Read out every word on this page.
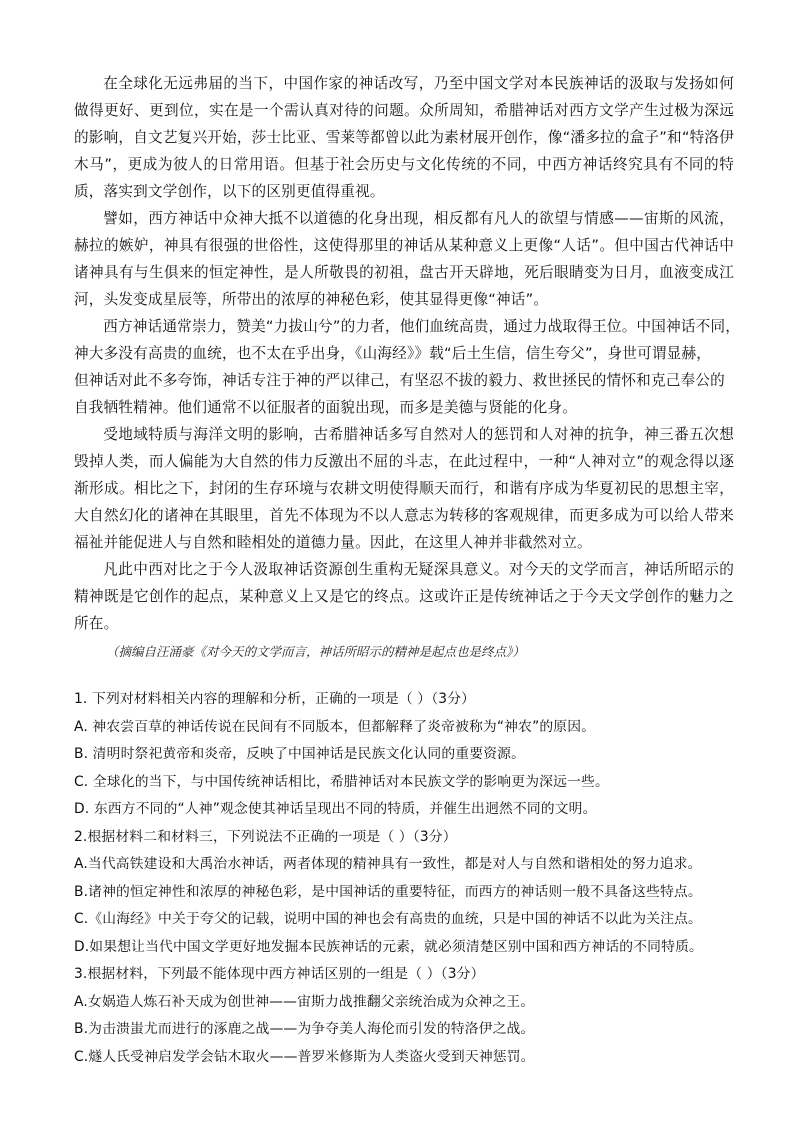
在全球化无远弗届的当下，中国作家的神话改写，乃至中国文学对本民族神话的汲取与发扬如何做得更好、更到位，实在是一个需认真对待的问题。众所周知，希腊神话对西方文学产生过极为深远的影响，自文艺复兴开始，莎士比亚、雪莱等都曾以此为素材展开创作，像“潘多拉的盒子”和“特洛伊木马”，更成为彼人的日常用语。但基于社会历史与文化传统的不同，中西方神话终究具有不同的特质，落实到文学创作，以下的区别更值得重视。

譬如，西方神话中众神大抵不以道德的化身出现，相反都有凡人的欲望与情感——宙斯的风流，赫拉的嫉妒，神具有很强的世俗性，这使得那里的神话从某种意义上更像“人话”。但中国古代神话中诸神具有与生俱来的恒定神性，是人所敬畏的初祖，盘古开天辟地，死后眼睛变为日月，血液变成江河，头发变成星辰等，所带出的浓厚的神秘色彩，使其显得更像“神话”。

西方神话通常崇力，赞美“力拔山兮”的力者，他们血统高贵，通过力战取得王位。中国神话不同，

神大多没有高贵的血统，也不太在乎出身，《山海经》》载“后土生信，信生夸父”，身世可谓显赫，

但神话对此不多夸饰，神话专注于神的严以律己，有坚忍不拔的毅力、救世拯民的情怀和克己奉公的

自我牺牲精神。他们通常不以征服者的面貌出现，而多是美德与贤能的化身。

受地域特质与海洋文明的影响，古希腊神话多写自然对人的惩罚和人对神的抗争，神三番五次想毁掉人类，而人偏能为大自然的伟力反激出不屈的斗志，在此过程中，一种“人神对立”的观念得以逐渐形成。相比之下，封闭的生存环境与农耕文明使得顺天而行，和谐有序成为华夏初民的思想主宰，大自然幻化的诸神在其眼里，首先不体现为不以人意志为转移的客观规律，而更多成为可以给人带来福祉并能促进人与自然和睦相处的道德力量。因此，在这里人神并非截然对立。

凡此中西对比之于今人汲取神话资源创生重构无疑深具意义。对今天的文学而言，神话所昭示的精神既是它创作的起点，某种意义上又是它的终点。这或许正是传统神话之于今天文学创作的魅力之所在。

（摘编自汪涌豪《对今天的文学而言，神话所昭示的精神是起点也是终点》）

1. 下列对材料相关内容的理解和分析，正确的一项是（ ）（3分）

A. 神农尝百草的神话传说在民间有不同版本，但都解释了炎帝被称为“神农”的原因。

B. 清明时祭祀黄帝和炎帝，反映了中国神话是民族文化认同的重要资源。

C. 全球化的当下，与中国传统神话相比，希腊神话对本民族文学的影响更为深远一些。

D. 东西方不同的“人神”观念使其神话呈现出不同的特质，并催生出迥然不同的文明。

2.根据材料二和材料三，下列说法不正确的一项是（ ）（3分）

A.当代高铁建设和大禹治水神话，两者体现的精神具有一致性，都是对人与自然和谐相处的努力追求。

B.诸神的恒定神性和浓厚的神秘色彩，是中国神话的重要特征，而西方的神话则一般不具备这些特点。

C.《山海经》中关于夸父的记载，说明中国的神也会有高贵的血统，只是中国的神话不以此为关注点。

D.如果想让当代中国文学更好地发掘本民族神话的元素，就必须清楚区别中国和西方神话的不同特质。

3.根据材料，下列最不能体现中西方神话区别的一组是（ ）（3分）

A.女娲造人炼石补天成为创世神——宙斯力战推翻父亲统治成为众神之王。

B.为击溃蚩尤而进行的涿鹿之战——为争夺美人海伦而引发的特洛伊之战。

C.燧人氏受神启发学会钻木取火——普罗米修斯为人类盗火受到天神惩罚。
